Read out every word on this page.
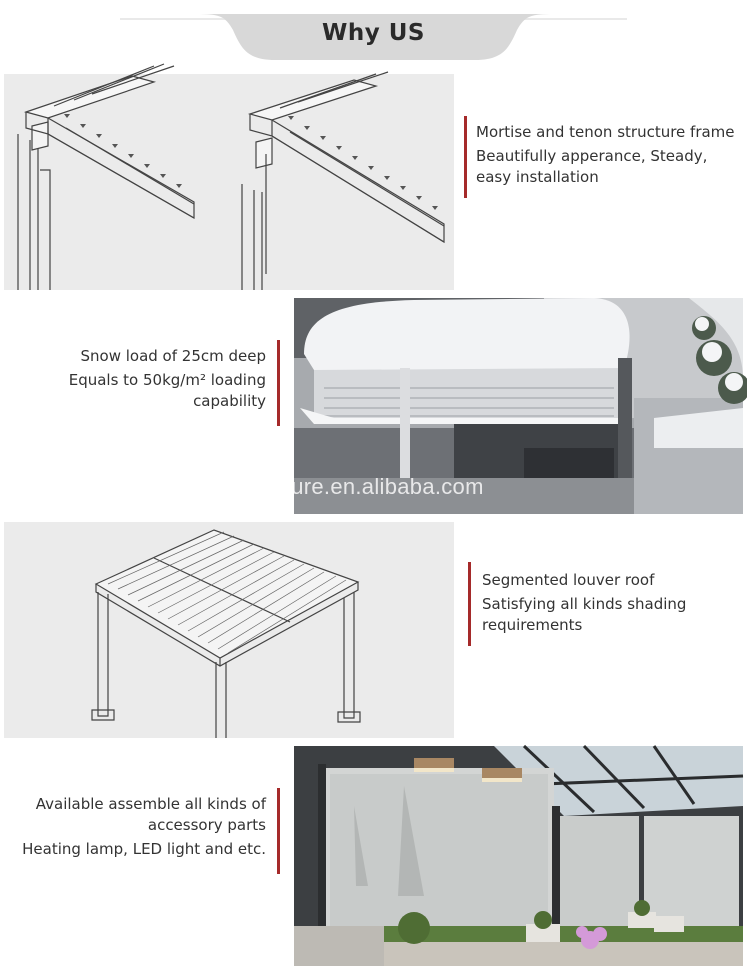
Why US

Mortise and tenon structure frame

Beautifully apperance, Steady,
easy installation

Snow load of 25cm deep

Equals to 50kg/m² loading
capability
lanature.en.alibaba.com

Segmented louver roof

Satisfying all kinds shading
requirements
Available assemble all kinds of

accessory parts

Heating lamp, LED light and etc.
